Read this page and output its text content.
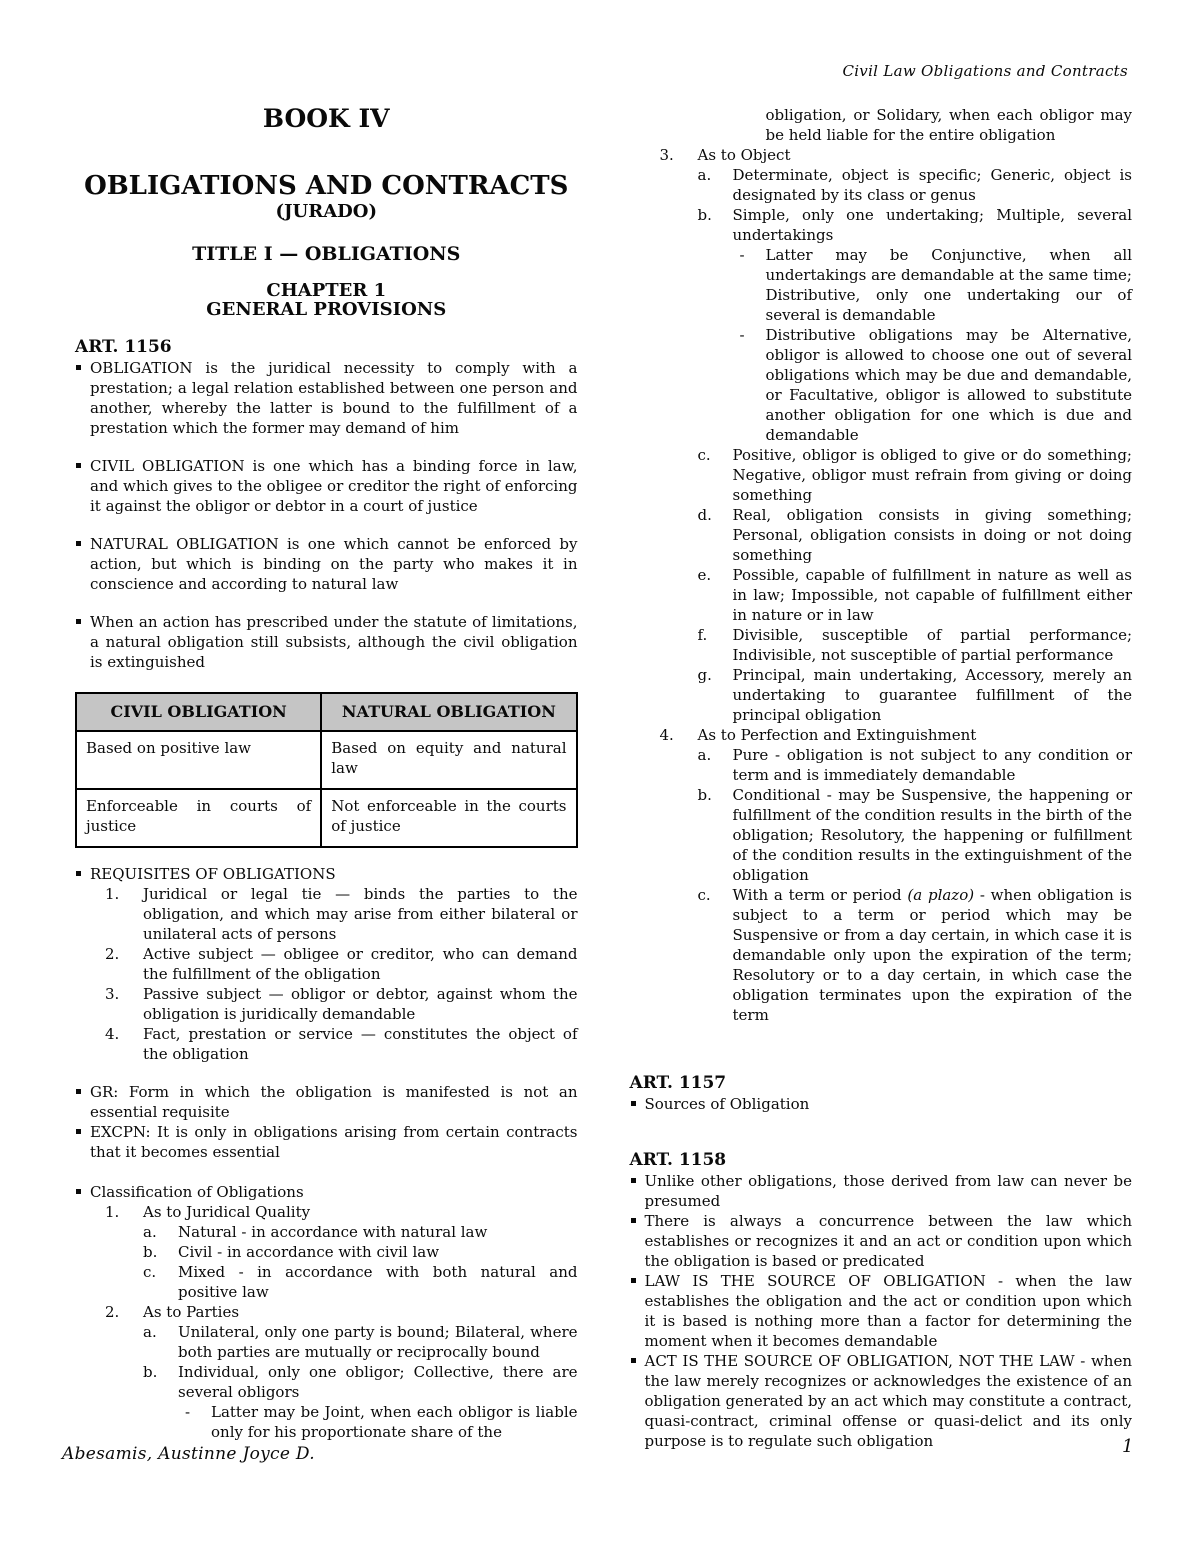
Civil Law Obligations and Contracts
BOOK IV
OBLIGATIONS AND CONTRACTS
(JURADO)
TITLE I — OBLIGATIONS
CHAPTER 1
GENERAL PROVISIONS
ART. 1156
OBLIGATION is the juridical necessity to comply with a prestation; a legal relation established between one person and another, whereby the latter is bound to the fulfillment of a prestation which the former may demand of him
CIVIL OBLIGATION is one which has a binding force in law, and which gives to the obligee or creditor the right of enforcing it against the obligor or debtor in a court of justice
NATURAL OBLIGATION is one which cannot be enforced by action, but which is binding on the party who makes it in conscience and according to natural law
When an action has prescribed under the statute of limitations, a natural obligation still subsists, although the civil obligation is extinguished
CIVIL OBLIGATION	NATURAL OBLIGATION
Based on positive law	Based on equity and natural law
Enforceable in courts of justice	Not enforceable in the courts of justice
REQUISITES OF OBLIGATIONS
1. Juridical or legal tie — binds the parties to the obligation, and which may arise from either bilateral or unilateral acts of persons
2. Active subject — obligee or creditor, who can demand the fulfillment of the obligation
3. Passive subject — obligor or debtor, against whom the obligation is juridically demandable
4. Fact, prestation or service — constitutes the object of the obligation
GR: Form in which the obligation is manifested is not an essential requisite
EXCPN: It is only in obligations arising from certain contracts that it becomes essential
Classification of Obligations
1. As to Juridical Quality
a. Natural - in accordance with natural law
b. Civil - in accordance with civil law
c. Mixed - in accordance with both natural and positive law
2. As to Parties
a. Unilateral, only one party is bound; Bilateral, where both parties are mutually or reciprocally bound
b. Individual, only one obligor; Collective, there are several obligors
- Latter may be Joint, when each obligor is liable only for his proportionate share of the
obligation, or Solidary, when each obligor may be held liable for the entire obligation
3. As to Object
a. Determinate, object is specific; Generic, object is designated by its class or genus
b. Simple, only one undertaking; Multiple, several undertakings
- Latter may be Conjunctive, when all undertakings are demandable at the same time; Distributive, only one undertaking our of several is demandable
- Distributive obligations may be Alternative, obligor is allowed to choose one out of several obligations which may be due and demandable, or Facultative, obligor is allowed to substitute another obligation for one which is due and demandable
c. Positive, obligor is obliged to give or do something; Negative, obligor must refrain from giving or doing something
d. Real, obligation consists in giving something; Personal, obligation consists in doing or not doing something
e. Possible, capable of fulfillment in nature as well as in law; Impossible, not capable of fulfillment either in nature or in law
f. Divisible, susceptible of partial performance; Indivisible, not susceptible of partial performance
g. Principal, main undertaking, Accessory, merely an undertaking to guarantee fulfillment of the principal obligation
4. As to Perfection and Extinguishment
a. Pure - obligation is not subject to any condition or term and is immediately demandable
b. Conditional - may be Suspensive, the happening or fulfillment of the condition results in the birth of the obligation; Resolutory, the happening or fulfillment of the condition results in the extinguishment of the obligation
c. With a term or period (a plazo) - when obligation is subject to a term or period which may be Suspensive or from a day certain, in which case it is demandable only upon the expiration of the term; Resolutory or to a day certain, in which case the obligation terminates upon the expiration of the term
ART. 1157
Sources of Obligation
ART. 1158
Unlike other obligations, those derived from law can never be presumed
There is always a concurrence between the law which establishes or recognizes it and an act or condition upon which the obligation is based or predicated
LAW IS THE SOURCE OF OBLIGATION - when the law establishes the obligation and the act or condition upon which it is based is nothing more than a factor for determining the moment when it becomes demandable
ACT IS THE SOURCE OF OBLIGATION, NOT THE LAW - when the law merely recognizes or acknowledges the existence of an obligation generated by an act which may constitute a contract, quasi-contract, criminal offense or quasi-delict and its only purpose is to regulate such obligation
Abesamis, Austinne Joyce D.	1
